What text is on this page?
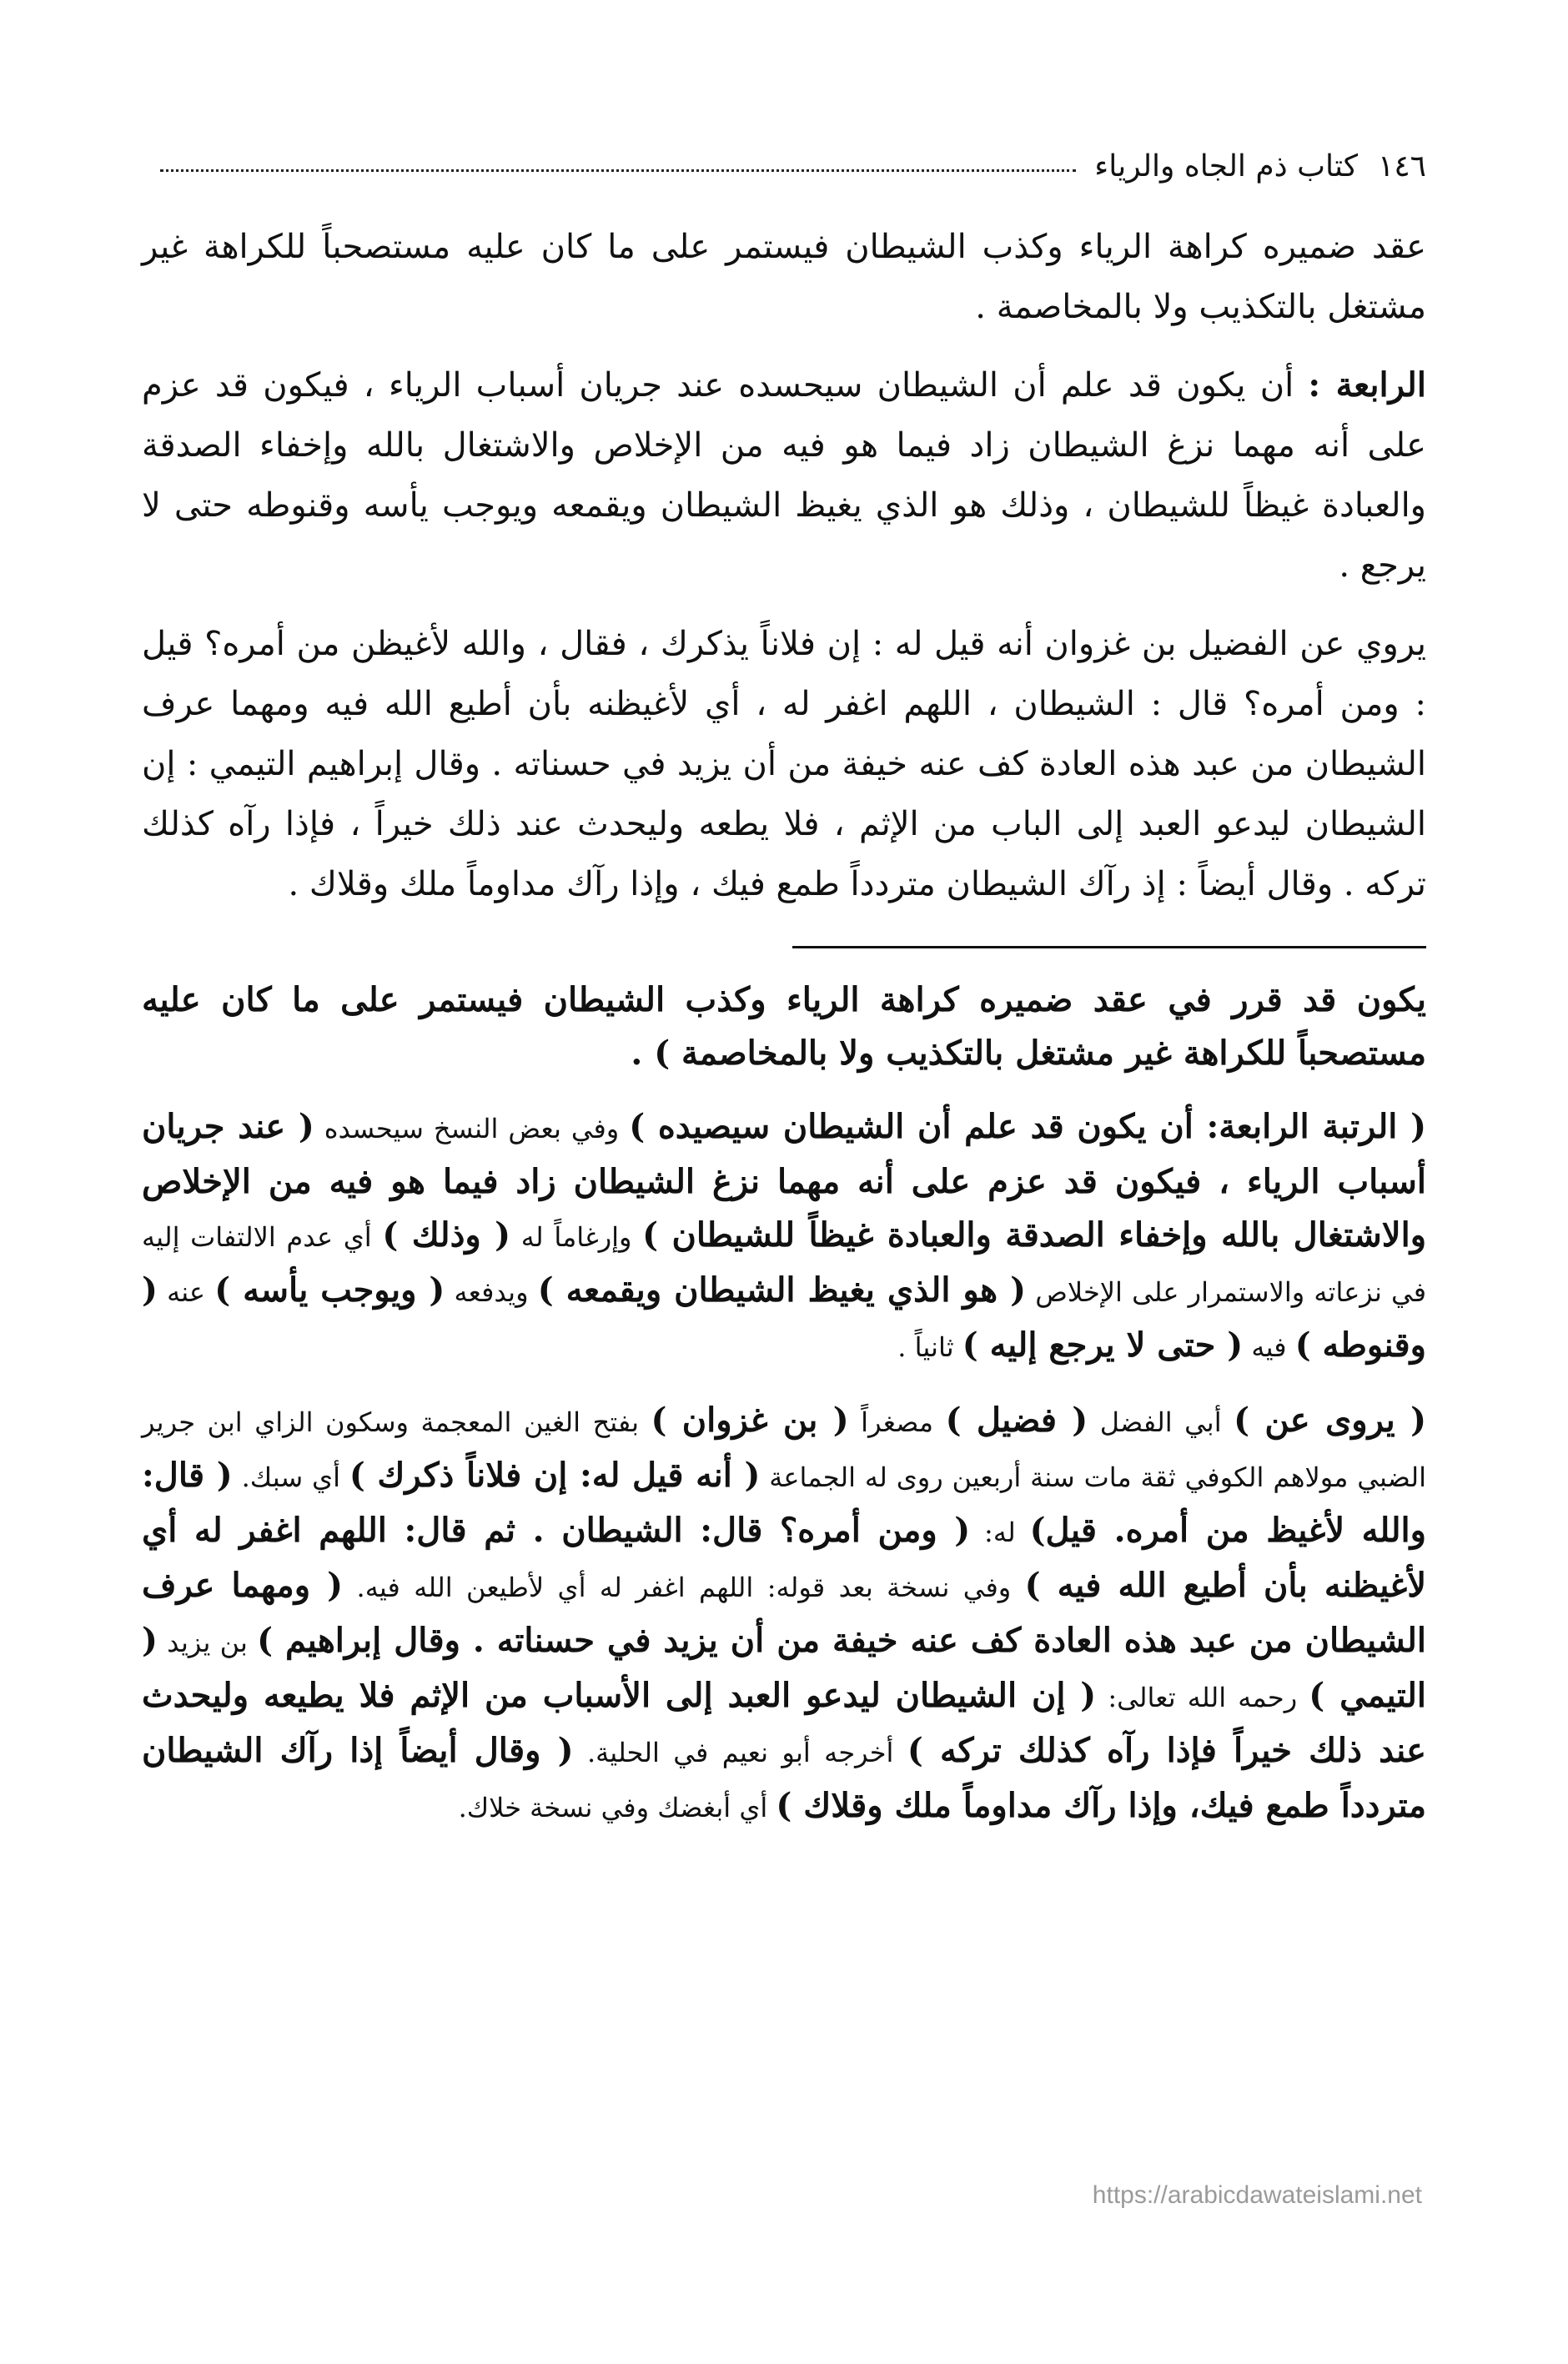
١٤٦
كتاب ذم الجاه والرياء

عقد ضميره كراهة الرياء وكذب الشيطان فيستمر على ما كان عليه مستصحباً للكراهة غير مشتغل بالتكذيب ولا بالمخاصمة .

الرابعة : أن يكون قد علم أن الشيطان سيحسده عند جريان أسباب الرياء ، فيكون قد عزم على أنه مهما نزغ الشيطان زاد فيما هو فيه من الإخلاص والاشتغال بالله وإخفاء الصدقة والعبادة غيظاً للشيطان ، وذلك هو الذي يغيظ الشيطان ويقمعه ويوجب يأسه وقنوطه حتى لا يرجع .

يروي عن الفضيل بن غزوان أنه قيل له : إن فلاناً يذكرك ، فقال ، والله لأغيظن من أمره؟ قيل : ومن أمره؟ قال : الشيطان ، اللهم اغفر له ، أي لأغيظنه بأن أطيع الله فيه ومهما عرف الشيطان من عبد هذه العادة كف عنه خيفة من أن يزيد في حسناته . وقال إبراهيم التيمي : إن الشيطان ليدعو العبد إلى الباب من الإثم ، فلا يطعه وليحدث عند ذلك خيراً ، فإذا رآه كذلك تركه . وقال أيضاً : إذ رآك الشيطان متردداً طمع فيك ، وإذا رآك مداوماً ملك وقلاك .

يكون قد قرر في عقد ضميره كراهة الرياء وكذب الشيطان فيستمر على ما كان عليه مستصحباً للكراهة غير مشتغل بالتكذيب ولا بالمخاصمة ) .

( الرتبة الرابعة: أن يكون قد علم أن الشيطان سيصيده ) وفي بعض النسخ سيحسده ( عند جريان أسباب الرياء ، فيكون قد عزم على أنه مهما نزغ الشيطان زاد فيما هو فيه من الإخلاص والاشتغال بالله وإخفاء الصدقة والعبادة غيظاً للشيطان ) وإرغاماً له ( وذلك ) أي عدم الالتفات إليه في نزعاته والاستمرار على الإخلاص ( هو الذي يغيظ الشيطان ويقمعه ) ويدفعه ( ويوجب يأسه ) عنه ( وقنوطه ) فيه ( حتى لا يرجع إليه ) ثانياً .

( يروى عن ) أبي الفضل ( فضيل ) مصغراً ( بن غزوان ) بفتح الغين المعجمة وسكون الزاي ابن جرير الضبي مولاهم الكوفي ثقة مات سنة أربعين روى له الجماعة ( أنه قيل له: إن فلاناً ذكرك ) أي سبك. ( قال: والله لأغيظ من أمره. قيل) له: ( ومن أمره؟ قال: الشيطان . ثم قال: اللهم اغفر له أي لأغيظنه بأن أطيع الله فيه ) وفي نسخة بعد قوله: اللهم اغفر له أي لأطيعن الله فيه. ( ومهما عرف الشيطان من عبد هذه العادة كف عنه خيفة من أن يزيد في حسناته . وقال إبراهيم ) بن يزيد ( التيمي ) رحمه الله تعالى: ( إن الشيطان ليدعو العبد إلى الأسباب من الإثم فلا يطيعه وليحدث عند ذلك خيراً فإذا رآه كذلك تركه ) أخرجه أبو نعيم في الحلية. ( وقال أيضاً إذا رآك الشيطان متردداً طمع فيك، وإذا رآك مداوماً ملك وقلاك ) أي أبغضك وفي نسخة خلاك.

https://arabicdawateislami.net
